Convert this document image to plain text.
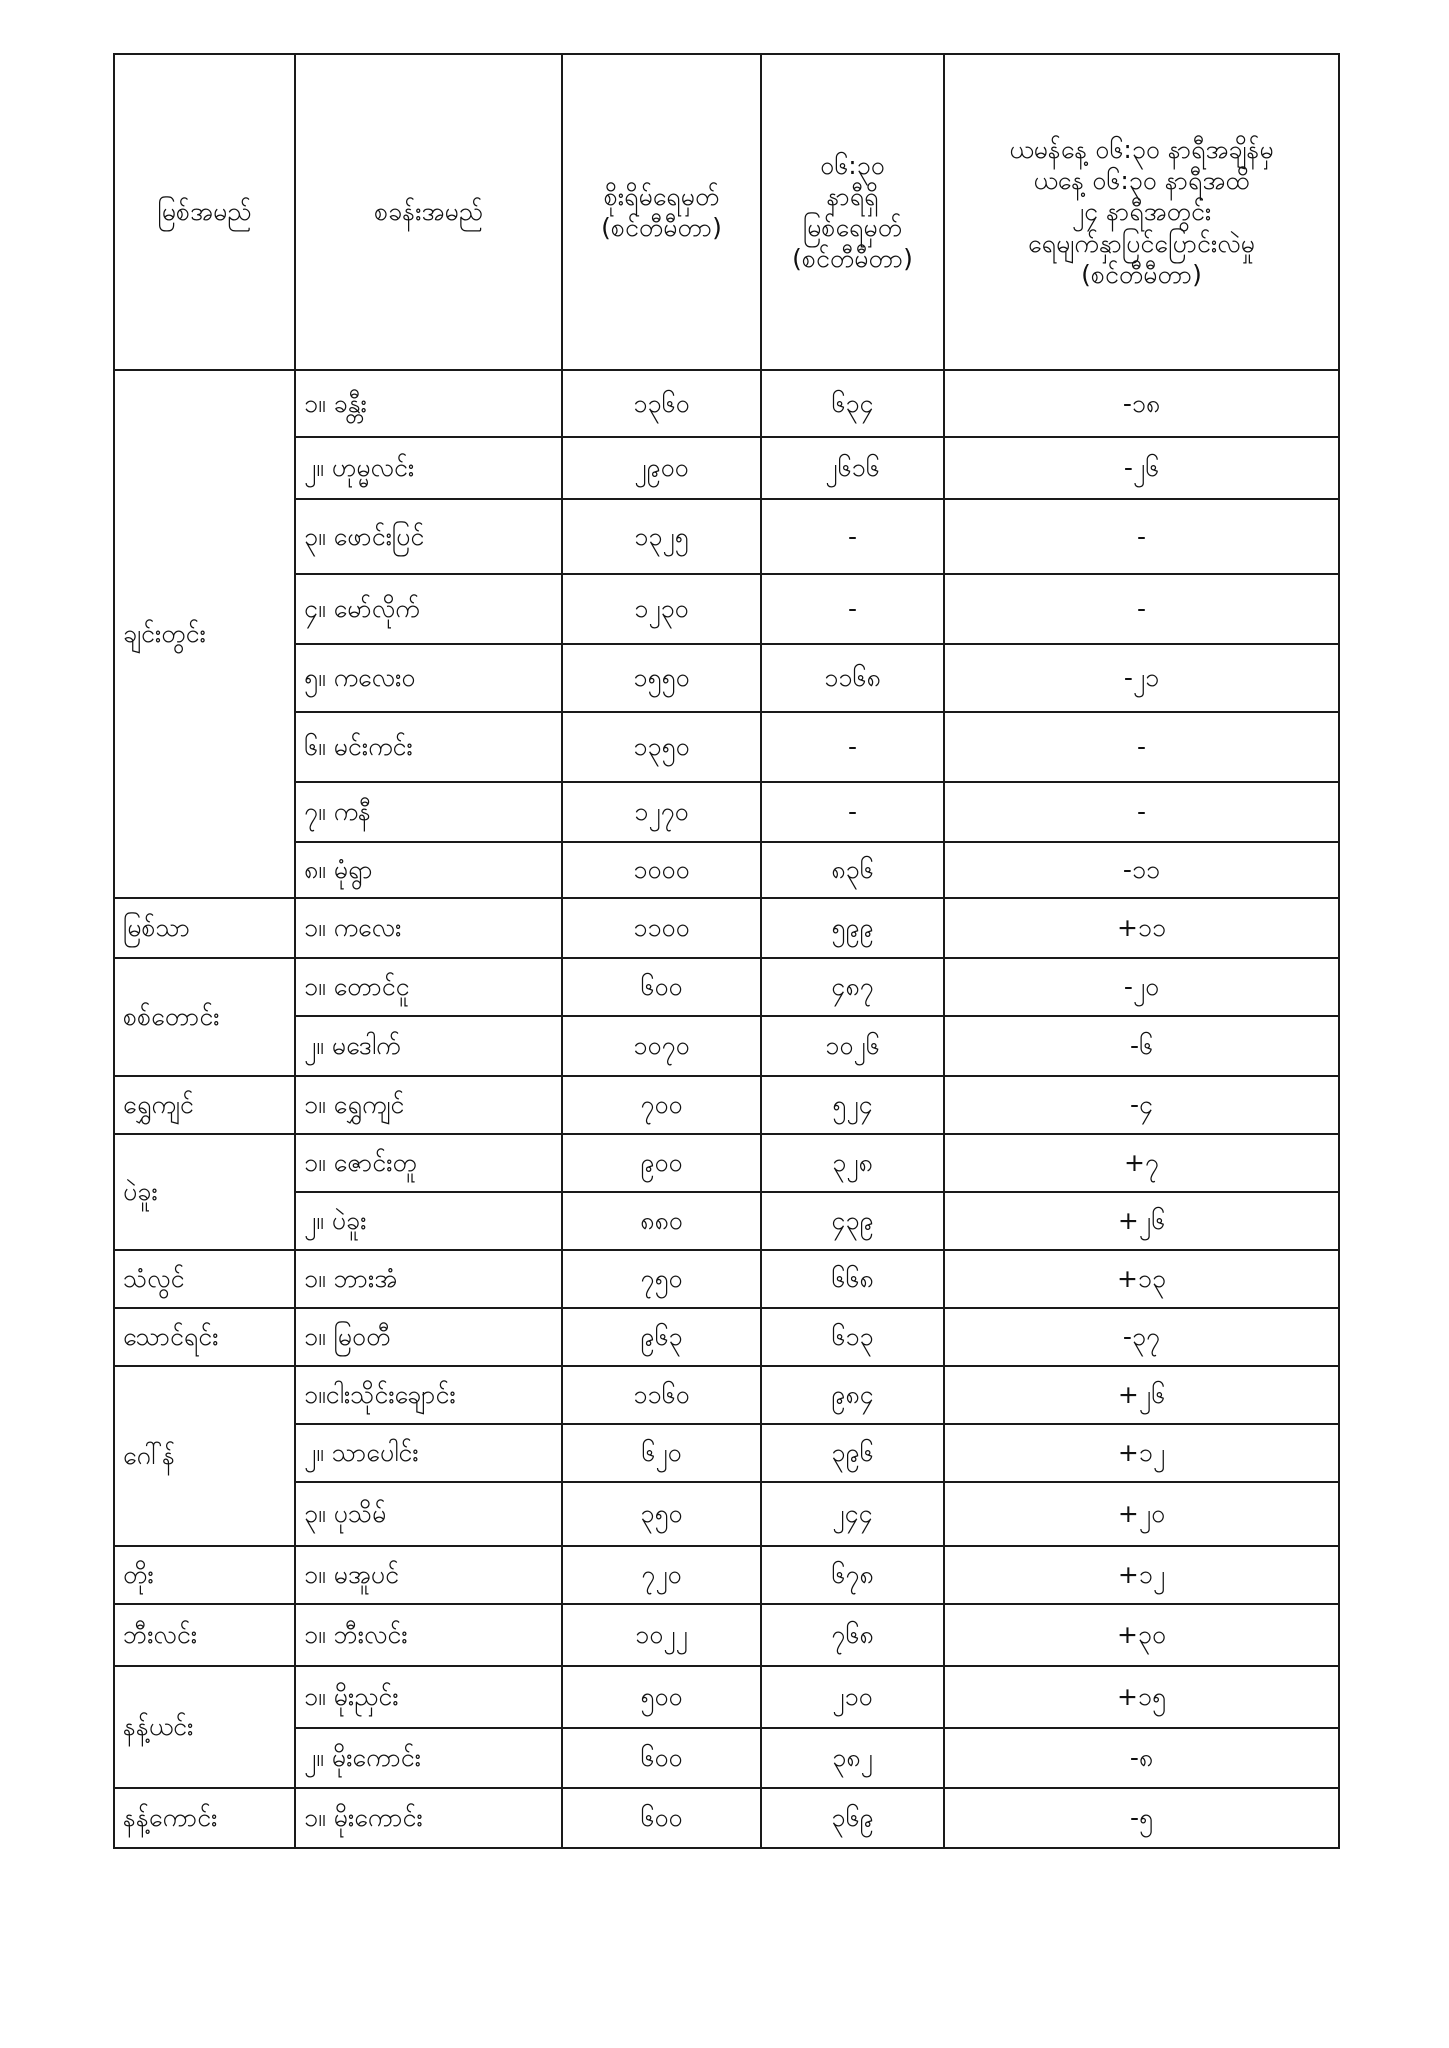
မြစ်အမည်	စခန်းအမည်	စိုးရိမ်ရေမှတ်
(စင်တီမီတာ)	၀၆:၃၀
နာရီရှိ
မြစ်ရေမှတ်
(စင်တီမီတာ)	ယမန်နေ့ ၀၆:၃၀ နာရီအချိန်မှ
ယနေ့ ၀၆:၃၀ နာရီအထိ
၂၄ နာရီအတွင်း
ရေမျက်နှာပြင်ပြောင်းလဲမှု
(စင်တီမီတာ)

ချင်းတွင်း	၁။ ခန္တီး	၁၃၆၀	၆၃၄	-၁၈
	၂။ ဟုမ္မလင်း	၂၉၀၀	၂၆၁၆	-၂၆
	၃။ ဖောင်းပြင်	၁၃၂၅	-	-
	၄။ မော်လိုက်	၁၂၃၀	-	-
	၅။ ကလေးဝ	၁၅၅၀	၁၁၆၈	-၂၁
	၆။ မင်းကင်း	၁၃၅၀	-	-
	၇။ ကနီ	၁၂၇၀	-	-
	၈။ မုံရွာ	၁၀၀၀	၈၃၆	-၁၁
မြစ်သာ	၁။ ကလေး	၁၁၀၀	၅၉၉	+၁၁
စစ်တောင်း	၁။ တောင်ငူ	၆၀၀	၄၈၇	-၂၀
	၂။ မဒေါက်	၁၀၇၀	၁၀၂၆	-၆
ရွှေကျင်	၁။ ရွှေကျင်	၇၀၀	၅၂၄	-၄
ပဲခူး	၁။ ဇောင်းတူ	၉၀၀	၃၂၈	+၇
	၂။ ပဲခူး	၈၈၀	၄၃၉	+၂၆
သံလွင်	၁။ ဘားအံ	၇၅၀	၆၆၈	+၁၃
သောင်ရင်း	၁။ မြဝတီ	၉၆၃	၆၁၃	-၃၇
ဂေါ်န်	၁။ငါးသိုင်းချောင်း	၁၁၆၀	၉၈၄	+၂၆
	၂။ သာပေါင်း	၆၂၀	၃၉၆	+၁၂
	၃။ ပုသိမ်	၃၅၀	၂၄၄	+၂၀
တိုး	၁။ မအူပင်	၇၂၀	၆၇၈	+၁၂
ဘီးလင်း	၁။ ဘီးလင်း	၁၀၂၂	၇၆၈	+၃၀
နန့်ယင်း	၁။ မိုးညှင်း	၅၀၀	၂၁၀	+၁၅
	၂။ မိုးကောင်း	၆၀၀	၃၈၂	-၈
နန့်ကောင်း	၁။ မိုးကောင်း	၆၀၀	၃၆၉	-၅
